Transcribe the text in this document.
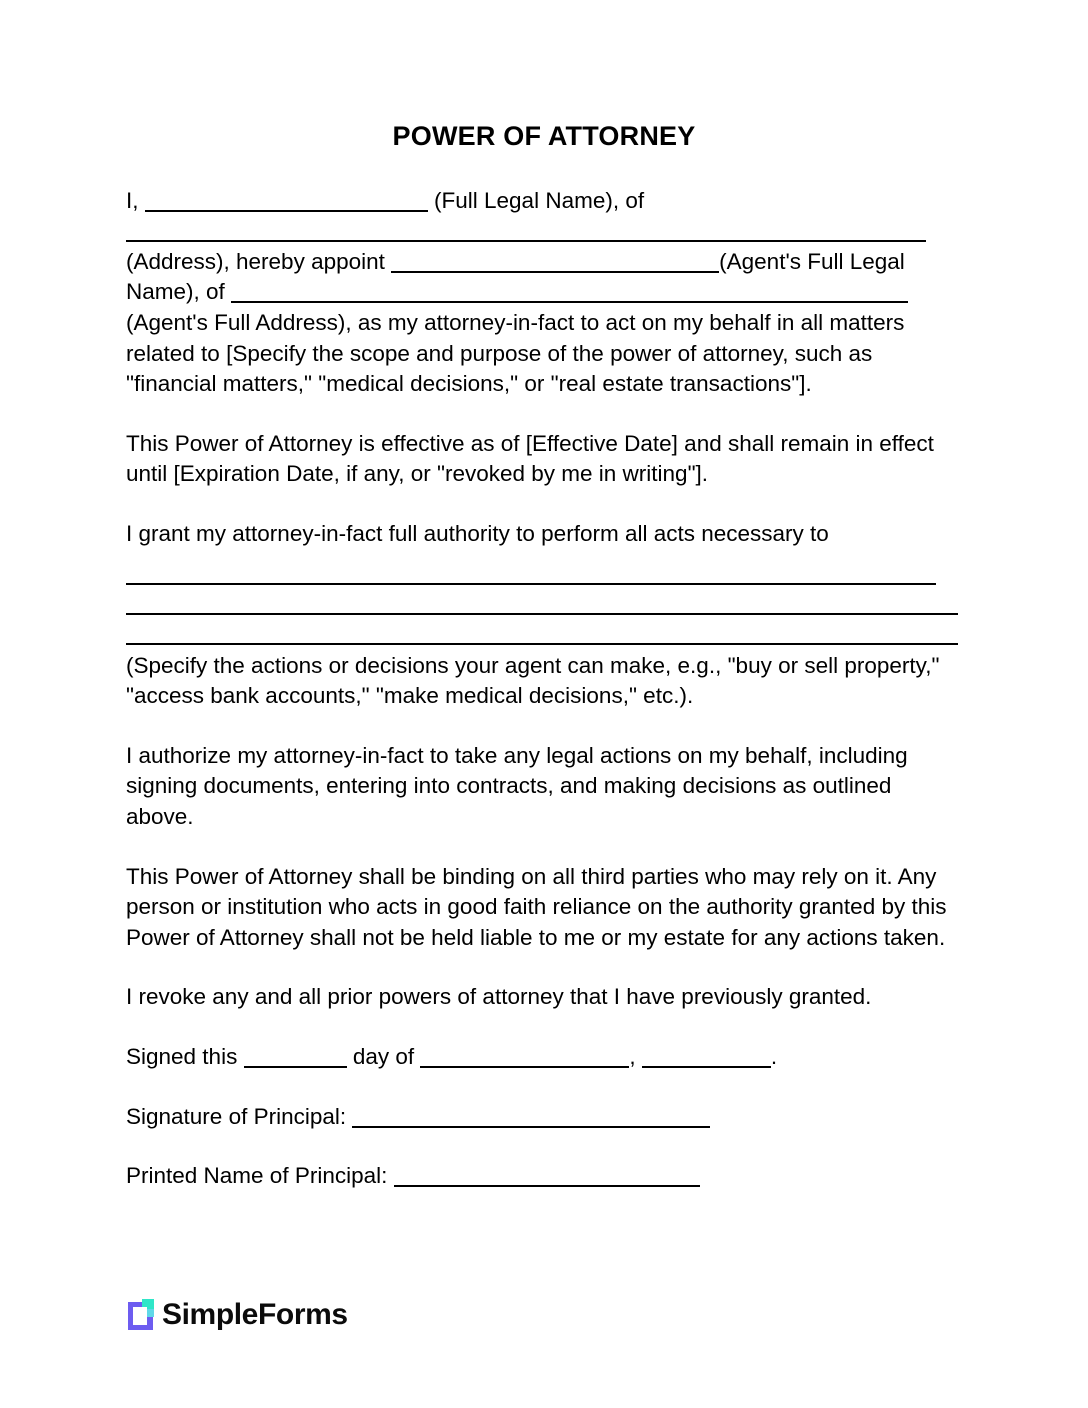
POWER OF ATTORNEY

I,	(Full Legal Name), of (Address), hereby appoint	(Agent's Full Legal Name), of (Agent's Full Address), as my attorney-in-fact to act on my behalf in all matters related to [Specify the scope and purpose of the power of attorney, such as "financial matters," "medical decisions," or "real estate transactions"].

This Power of Attorney is effective as of [Effective Date] and shall remain in effect until [Expiration Date, if any, or "revoked by me in writing"].

I grant my attorney-in-fact full authority to perform all acts necessary to

(Specify the actions or decisions your agent can make, e.g., "buy or sell property," "access bank accounts," "make medical decisions," etc.).

I authorize my attorney-in-fact to take any legal actions on my behalf, including signing documents, entering into contracts, and making decisions as outlined above.

This Power of Attorney shall be binding on all third parties who may rely on it. Any person or institution who acts in good faith reliance on the authority granted by this Power of Attorney shall not be held liable to me or my estate for any actions taken.

I revoke any and all prior powers of attorney that I have previously granted.

Signed this	day of	,	.

Signature of Principal:

Printed Name of Principal:

SimpleForms
